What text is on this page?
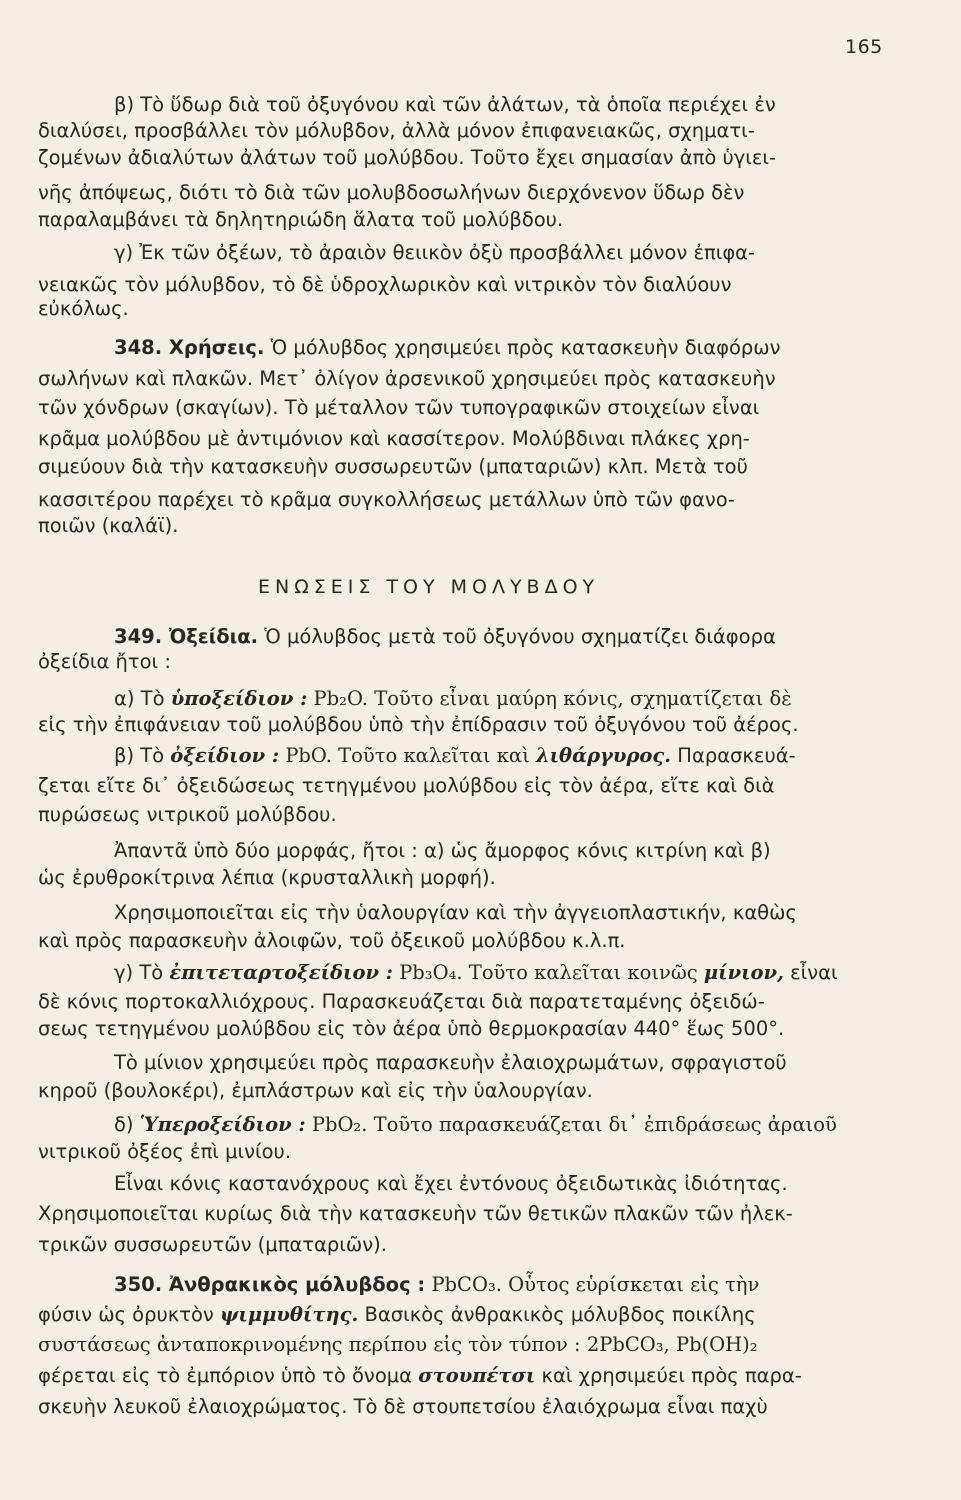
165
ΕΝΩΣΕΙΣ ΤΟΥ ΜΟΛΥΒΔΟΥ
β) Τὸ ὕδωρ διὰ τοῦ ὀξυγόνου καὶ τῶν ἀλάτων, τὰ ὁποῖα περιέχει ἐν
διαλύσει, προσβάλλει τὸν μόλυβδον, ἀλλὰ μόνον ἐπιφανειακῶς, σχηματι-
ζομένων ἀδιαλύτων ἀλάτων τοῦ μολύβδου. Τοῦτο ἔχει σημασίαν ἀπὸ ὑγιει-
νῆς ἀπόψεως, διότι τὸ διὰ τῶν μολυβδοσωλήνων διερχόνενον ὕδωρ δὲν
παραλαμβάνει τὰ δηλητηριώδη ἅλατα τοῦ μολύβδου.
γ) Ἐκ τῶν ὀξέων, τὸ ἀραιὸν θειικὸν ὀξὺ προσβάλλει μόνον ἐπιφα-
νειακῶς τὸν μόλυβδον, τὸ δὲ ὑδροχλωρικὸν καὶ νιτρικὸν τὸν διαλύουν
εὐκόλως.
348. Χρήσεις. Ὁ μόλυβδος χρησιμεύει πρὸς κατασκευὴν διαφόρων
σωλήνων καὶ πλακῶν. Μετ᾽ ὀλίγον ἀρσενικοῦ χρησιμεύει πρὸς κατασκευὴν
τῶν χόνδρων (σκαγίων). Τὸ μέταλλον τῶν τυπογραφικῶν στοιχείων εἶναι
κρᾶμα μολύβδου μὲ ἀντιμόνιον καὶ κασσίτερον. Μολύβδιναι πλάκες χρη-
σιμεύουν διὰ τὴν κατασκευὴν συσσωρευτῶν (μπαταριῶν) κλπ. Μετὰ τοῦ
κασσιτέρου παρέχει τὸ κρᾶμα συγκολλήσεως μετάλλων ὑπὸ τῶν φανο-
ποιῶν (καλάϊ).
349. Ὀξείδια. Ὁ μόλυβδος μετὰ τοῦ ὀξυγόνου σχηματίζει διάφορα
ὀξείδια ἤτοι :
α) Τὸ ὑποξείδιον : Pb₂O. Τοῦτο εἶναι μαύρη κόνις, σχηματίζεται δὲ
εἰς τὴν ἐπιφάνειαν τοῦ μολύβδου ὑπὸ τὴν ἐπίδρασιν τοῦ ὀξυγόνου τοῦ ἀέρος.
β) Τὸ ὀξείδιον : PbO. Τοῦτο καλεῖται καὶ λιθάργυρος. Παρασκευά-
ζεται εἴτε δι᾽ ὀξειδώσεως τετηγμένου μολύβδου εἰς τὸν ἀέρα, εἴτε καὶ διὰ
πυρώσεως νιτρικοῦ μολύβδου.
Ἀπαντᾶ ὑπὸ δύο μορφάς, ἤτοι : α) ὡς ἄμορφος κόνις κιτρίνη καὶ β)
ὡς ἐρυθροκίτρινα λέπια (κρυσταλλικὴ μορφή).
Χρησιμοποιεῖται εἰς τὴν ὑαλουργίαν καὶ τὴν ἀγγειοπλαστικήν, καθὼς
καὶ πρὸς παρασκευὴν ἀλοιφῶν, τοῦ ὀξεικοῦ μολύβδου κ.λ.π.
γ) Τὸ ἐπιτεταρτοξείδιον : Pb₃O₄. Τοῦτο καλεῖται κοινῶς μίνιον, εἶναι
δὲ κόνις πορτοκαλλιόχρους. Παρασκευάζεται διὰ παρατεταμένης ὀξειδώ-
σεως τετηγμένου μολύβδου εἰς τὸν ἀέρα ὑπὸ θερμοκρασίαν 440° ἕως 500°.
Τὸ μίνιον χρησιμεύει πρὸς παρασκευὴν ἐλαιοχρωμάτων, σφραγιστοῦ
κηροῦ (βουλοκέρι), ἐμπλάστρων καὶ εἰς τὴν ὑαλουργίαν.
δ) Ὑπεροξείδιον : PbO₂. Τοῦτο παρασκευάζεται δι᾽ ἐπιδράσεως ἀραιοῦ
νιτρικοῦ ὀξέος ἐπὶ μινίου.
Εἶναι κόνις καστανόχρους καὶ ἔχει ἐντόνους ὀξειδωτικὰς ἰδιότητας.
Χρησιμοποιεῖται κυρίως διὰ τὴν κατασκευὴν τῶν θετικῶν πλακῶν τῶν ἠλεκ-
τρικῶν συσσωρευτῶν (μπαταριῶν).
350. Ἀνθρακικὸς μόλυβδος : PbCO₃. Οὗτος εὑρίσκεται εἰς τὴν
φύσιν ὡς ὀρυκτὸν ψιμμυθίτης. Βασικὸς ἀνθρακικὸς μόλυβδος ποικίλης
συστάσεως ἀνταποκρινομένης περίπου εἰς τὸν τύπον : 2PbCO₃, Pb(OH)₂
φέρεται εἰς τὸ ἐμπόριον ὑπὸ τὸ ὄνομα στουπέτσι καὶ χρησιμεύει πρὸς παρα-
σκευὴν λευκοῦ ἐλαιοχρώματος. Τὸ δὲ στουπετσίου ἐλαιόχρωμα εἶναι παχὺ
